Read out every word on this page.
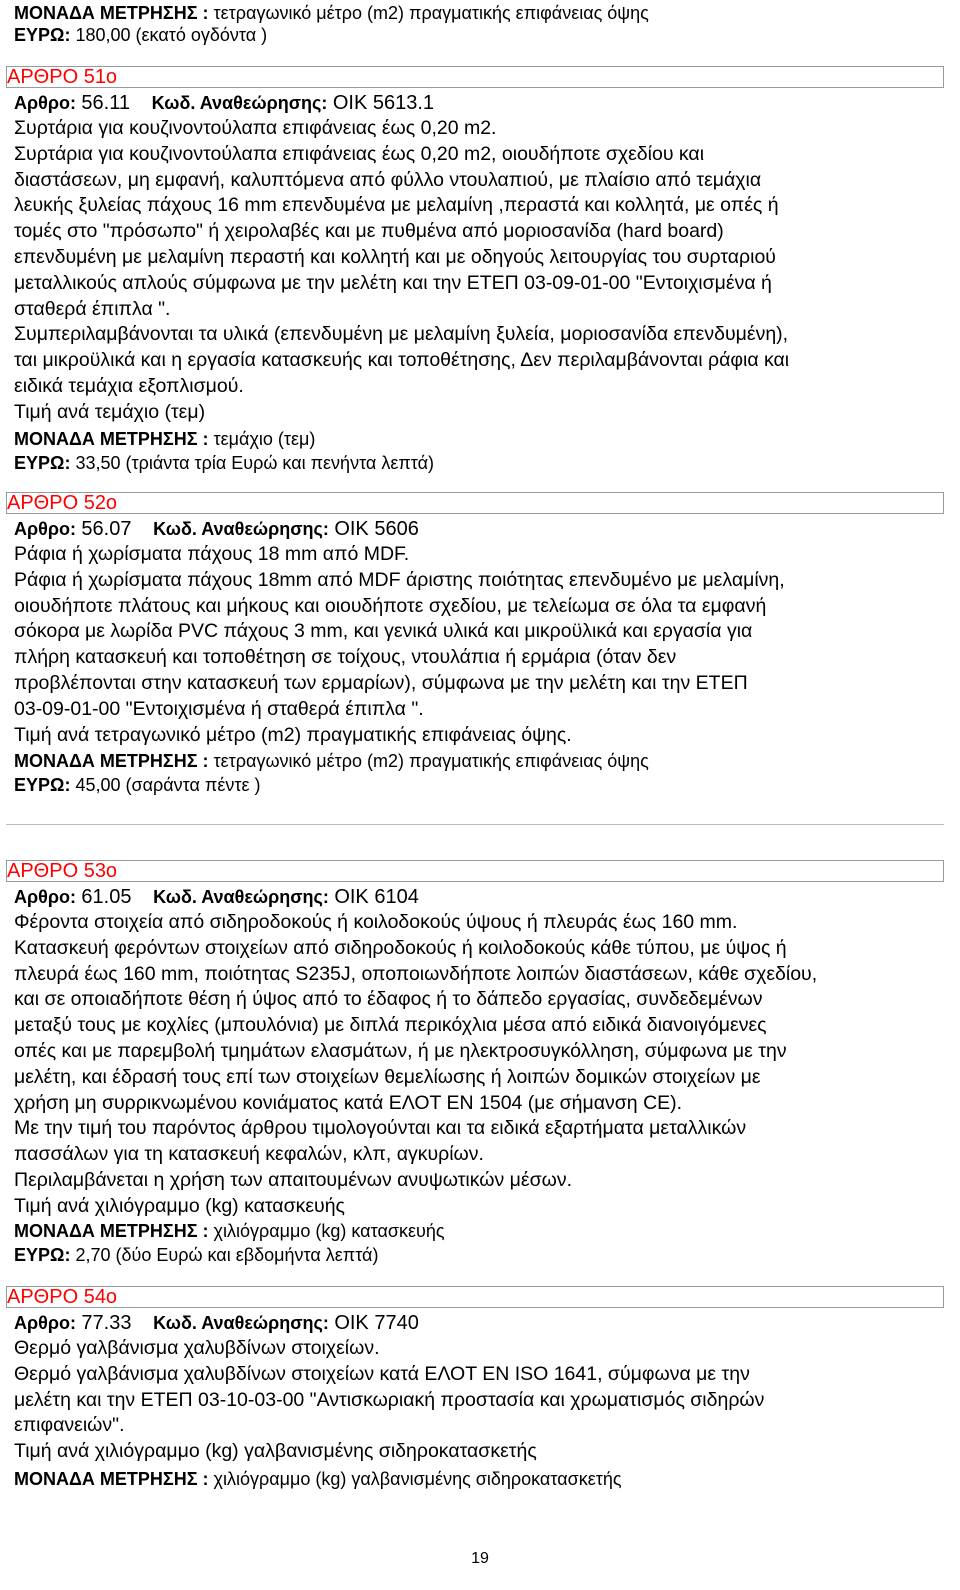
ΜΟΝΑΔΑ ΜΕΤΡΗΣΗΣ : τετραγωνικό μέτρο (m2) πραγματικής επιφάνειας όψης
ΕΥΡΩ: 180,00 (εκατό ογδόντα )
ΑΡΘΡΟ 51ο
Αρθρο: 56.11 Κωδ. Αναθεώρησης: ΟΙΚ 5613.1

Συρτάρια για κουζινοντούλαπα επιφάνειας έως 0,20 m2.

Συρτάρια για κουζινοντούλαπα επιφάνειας έως 0,20 m2, οιουδήποτε σχεδίου και

διαστάσεων, μη εμφανή, καλυπτόμενα από φύλλο ντουλαπιού, με πλαίσιο από τεμάχια

λευκής ξυλείας πάχους 16 mm επενδυμένα με μελαμίνη ,περαστά και κολλητά, με οπές ή

τομές στο "πρόσωπο" ή χειρολαβές και με πυθμένα από μοριοσανίδα (hard board)

επενδυμένη με μελαμίνη περαστή και κολλητή και με οδηγούς λειτουργίας του συρταριού

μεταλλικούς απλούς σύμφωνα με την μελέτη και την ΕΤΕΠ 03-09-01-00 "Εντοιχισμένα ή

σταθερά έπιπλα ".

Συμπεριλαμβάνονται τα υλικά (επενδυμένη με μελαμίνη ξυλεία, μοριοσανίδα επενδυμένη),

ται μικροϋλικά και η εργασία κατασκευής και τοποθέτησης, Δεν περιλαμβάνονται ράφια και

ειδικά τεμάχια εξοπλισμού.

Τιμή ανά τεμάχιο (τεμ)

ΜΟΝΑΔΑ ΜΕΤΡΗΣΗΣ : τεμάχιο (τεμ)
ΕΥΡΩ: 33,50 (τριάντα τρία Ευρώ και πενήντα λεπτά)
ΑΡΘΡΟ 52ο
Αρθρο: 56.07 Κωδ. Αναθεώρησης: ΟΙΚ 5606

Ράφια ή χωρίσματα πάχους 18 mm από MDF.

Ράφια ή χωρίσματα πάχους 18mm από MDF άριστης ποιότητας επενδυμένο με μελαμίνη,

οιουδήποτε πλάτους και μήκους και οιουδήποτε σχεδίου, με τελείωμα σε όλα τα εμφανή

σόκορα με λωρίδα PVC πάχους 3 mm, και γενικά υλικά και μικροϋλικά και εργασία για

πλήρη κατασκευή και τοποθέτηση σε τοίχους, ντουλάπια ή ερμάρια (όταν δεν

προβλέπονται στην κατασκευή των ερμαρίων), σύμφωνα με την μελέτη και την ΕΤΕΠ

03-09-01-00 "Εντοιχισμένα ή σταθερά έπιπλα ".

Τιμή ανά τετραγωνικό μέτρο (m2) πραγματικής επιφάνειας όψης.

ΜΟΝΑΔΑ ΜΕΤΡΗΣΗΣ : τετραγωνικό μέτρο (m2) πραγματικής επιφάνειας όψης
ΕΥΡΩ: 45,00 (σαράντα πέντε )
ΑΡΘΡΟ 53ο
Αρθρο: 61.05 Κωδ. Αναθεώρησης: ΟΙΚ 6104

Φέροντα στοιχεία από σιδηροδοκούς ή κοιλοδοκούς ύψους ή πλευράς έως 160 mm.

Κατασκευή φερόντων στοιχείων από σιδηροδοκούς ή κοιλοδοκούς κάθε τύπου, με ύψος ή

πλευρά έως 160 mm, ποιότητας S235J, οποποιωνδήποτε λοιπών διαστάσεων, κάθε σχεδίου,

και σε οποιαδήποτε θέση ή ύψος από το έδαφος ή το δάπεδο εργασίας, συνδεδεμένων

μεταξύ τους με κοχλίες (μπουλόνια) με διπλά περικόχλια μέσα από ειδικά διανοιγόμενες

οπές και με παρεμβολή τμημάτων ελασμάτων, ή με ηλεκτροσυγκόλληση, σύμφωνα με την

μελέτη, και έδρασή τους επί των στοιχείων θεμελίωσης ή λοιπών δομικών στοιχείων με

χρήση μη συρρικνωμένου κονιάματος κατά ΕΛΟΤ EN 1504 (με σήμανση CE).

Με την τιμή του παρόντος άρθρου τιμολογούνται και τα ειδικά εξαρτήματα μεταλλικών

πασσάλων για τη κατασκευή κεφαλών, κλπ, αγκυρίων.

Περιλαμβάνεται η χρήση των απαιτουμένων ανυψωτικών μέσων.

Τιμή ανά χιλιόγραμμο (kg) κατασκευής

ΜΟΝΑΔΑ ΜΕΤΡΗΣΗΣ : χιλιόγραμμο (kg) κατασκευής
ΕΥΡΩ: 2,70 (δύο Ευρώ και εβδομήντα λεπτά)
ΑΡΘΡΟ 54ο
Αρθρο: 77.33 Κωδ. Αναθεώρησης: ΟΙΚ 7740

Θερμό γαλβάνισμα χαλυβδίνων στοιχείων.

Θερμό γαλβάνισμα χαλυβδίνων στοιχείων κατά ΕΛΟΤ EN ISO 1641, σύμφωνα με την

μελέτη και την ΕΤΕΠ 03-10-03-00 "Αντισκωριακή προστασία και χρωματισμός σιδηρών

επιφανειών".

Τιμή ανά χιλιόγραμμο (kg) γαλβανισμένης σιδηροκατασκετής

ΜΟΝΑΔΑ ΜΕΤΡΗΣΗΣ : χιλιόγραμμο (kg) γαλβανισμένης σιδηροκατασκετής
19
